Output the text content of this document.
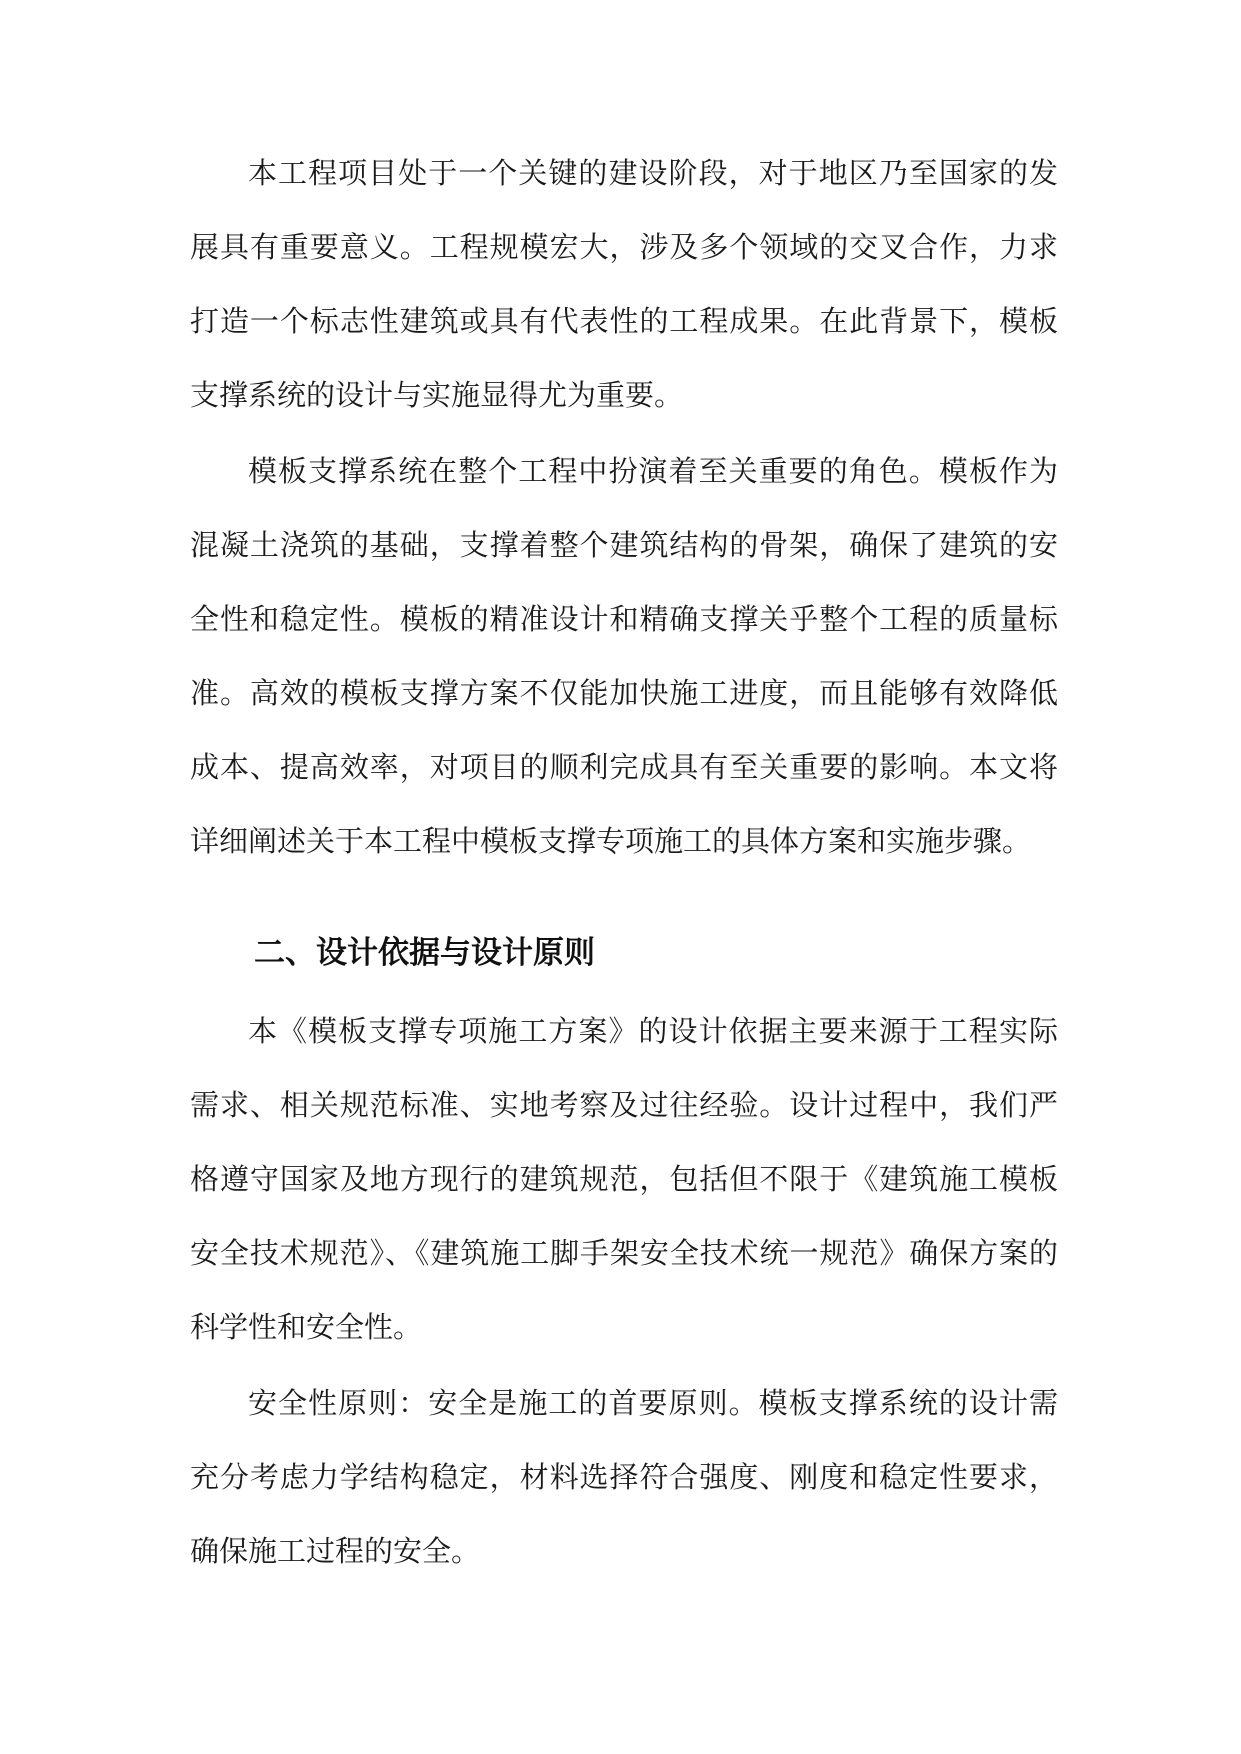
本工程项目处于一个关键的建设阶段，对于地区乃至国家的发展具有重要意义。工程规模宏大，涉及多个领域的交叉合作，力求打造一个标志性建筑或具有代表性的工程成果。在此背景下，模板支撑系统的设计与实施显得尤为重要。

模板支撑系统在整个工程中扮演着至关重要的角色。模板作为混凝土浇筑的基础，支撑着整个建筑结构的骨架，确保了建筑的安全性和稳定性。模板的精准设计和精确支撑关乎整个工程的质量标准。高效的模板支撑方案不仅能加快施工进度，而且能够有效降低成本、提高效率，对项目的顺利完成具有至关重要的影响。本文将详细阐述关于本工程中模板支撑专项施工的具体方案和实施步骤。

二、设计依据与设计原则

本《模板支撑专项施工方案》的设计依据主要来源于工程实际需求、相关规范标准、实地考察及过往经验。设计过程中，我们严格遵守国家及地方现行的建筑规范，包括但不限于《建筑施工模板安全技术规范》、《建筑施工脚手架安全技术统一规范》确保方案的科学性和安全性。

安全性原则：安全是施工的首要原则。模板支撑系统的设计需充分考虑力学结构稳定，材料选择符合强度、刚度和稳定性要求，确保施工过程的安全。
